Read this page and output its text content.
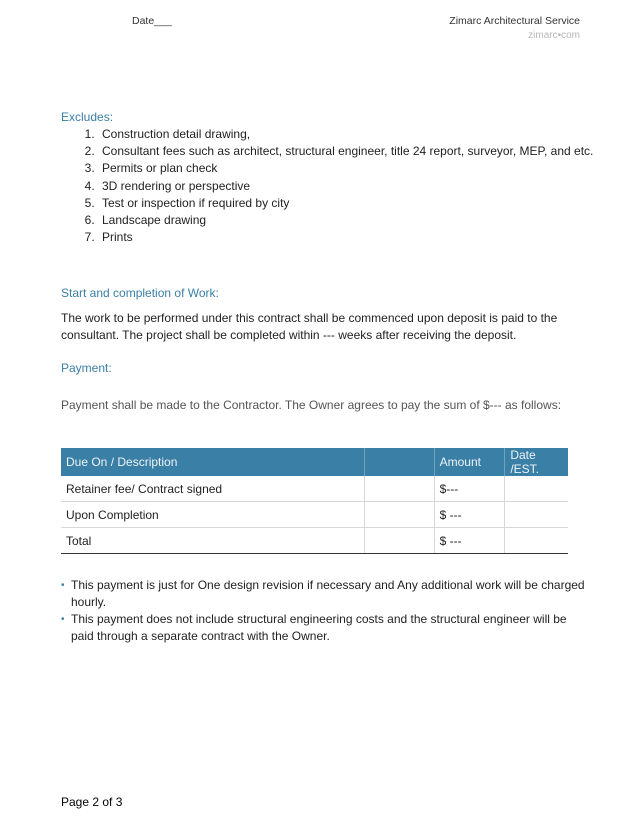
Date___	Zimarc Architectural Service
zimarc•com
Excludes:
1. Construction detail drawing,
2. Consultant fees such as architect, structural engineer, title 24 report, surveyor, MEP, and etc.
3. Permits or plan check
4. 3D rendering or perspective
5. Test or inspection if required by city
6. Landscape drawing
7. Prints
Start and completion of Work:
The work to be performed under this contract shall be commenced upon deposit is paid to the consultant. The project shall be completed within --- weeks after receiving the deposit.
Payment:
Payment shall be made to the Contractor. The Owner agrees to pay the sum of $--- as follows:
Due On / Description		Amount	Date /EST.
Retainer fee/ Contract signed		$---	
Upon Completion		$ ---	
Total		$ ---	
• This payment is just for One design revision if necessary and Any additional work will be charged hourly.
• This payment does not include structural engineering costs and the structural engineer will be paid through a separate contract with the Owner.
Page 2 of 3
